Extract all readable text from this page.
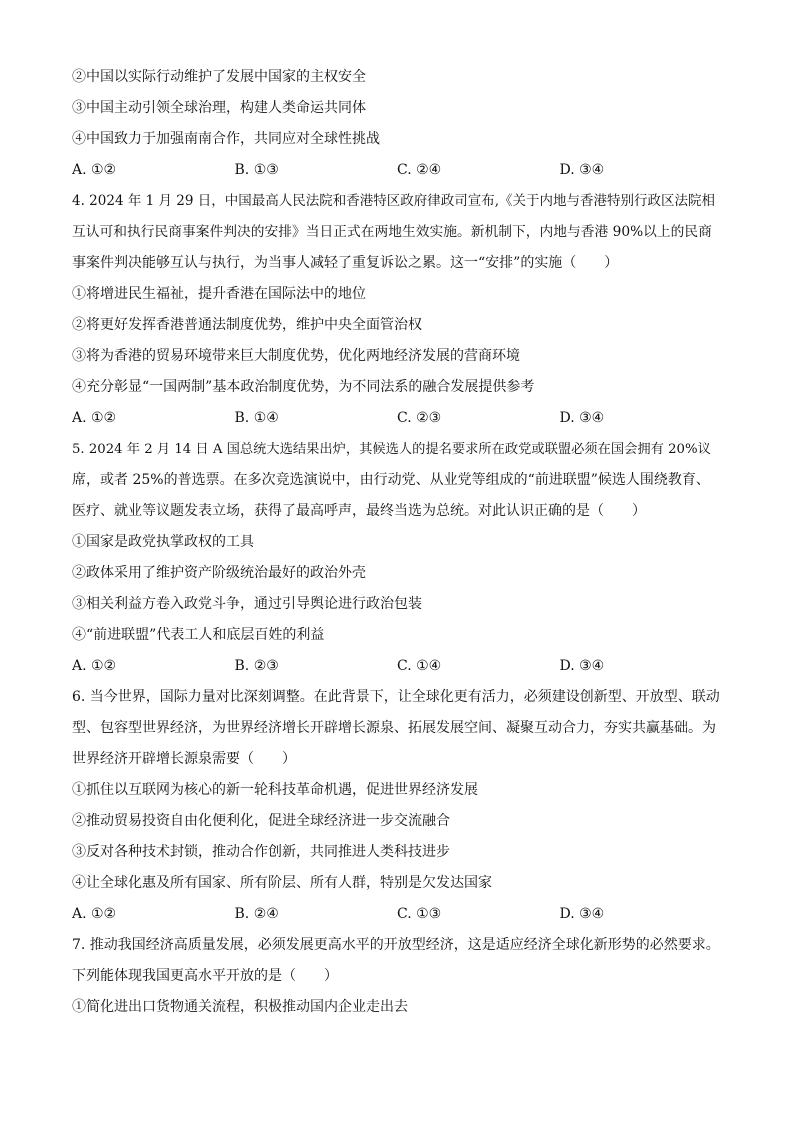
②中国以实际行动维护了发展中国家的主权安全
③中国主动引领全球治理，构建人类命运共同体
④中国致力于加强南南合作，共同应对全球性挑战
A. ①②	B. ①③	C. ②④	D. ③④
4. 2024 年 1 月 29 日，中国最高人民法院和香港特区政府律政司宣布,《关于内地与香港特别行政区法院相
互认可和执行民商事案件判决的安排》当日正式在两地生效实施。新机制下，内地与香港 90%以上的民商
事案件判决能够互认与执行，为当事人减轻了重复诉讼之累。这一“安排”的实施（　　）
①将增进民生福祉，提升香港在国际法中的地位
②将更好发挥香港普通法制度优势，维护中央全面管治权
③将为香港的贸易环境带来巨大制度优势，优化两地经济发展的营商环境
④充分彰显“一国两制”基本政治制度优势，为不同法系的融合发展提供参考
A. ①②	B. ①④	C. ②③	D. ③④
5. 2024 年 2 月 14 日 A 国总统大选结果出炉，其候选人的提名要求所在政党或联盟必须在国会拥有 20%议
席，或者 25%的普选票。在多次竞选演说中，由行动党、从业党等组成的“前进联盟”候选人围绕教育、
医疗、就业等议题发表立场，获得了最高呼声，最终当选为总统。对此认识正确的是（　　）
①国家是政党执掌政权的工具
②政体采用了维护资产阶级统治最好的政治外壳
③相关利益方卷入政党斗争，通过引导舆论进行政治包装
④“前进联盟”代表工人和底层百姓的利益
A. ①②	B. ②③	C. ①④	D. ③④
6. 当今世界，国际力量对比深刻调整。在此背景下，让全球化更有活力，必须建设创新型、开放型、联动
型、包容型世界经济，为世界经济增长开辟增长源泉、拓展发展空间、凝聚互动合力，夯实共赢基础。为
世界经济开辟增长源泉需要（　　）
①抓住以互联网为核心的新一轮科技革命机遇，促进世界经济发展
②推动贸易投资自由化便利化，促进全球经济进一步交流融合
③反对各种技术封锁，推动合作创新，共同推进人类科技进步
④让全球化惠及所有国家、所有阶层、所有人群，特别是欠发达国家
A. ①②	B. ②④	C. ①③	D. ③④
7. 推动我国经济高质量发展，必须发展更高水平的开放型经济，这是适应经济全球化新形势的必然要求。
下列能体现我国更高水平开放的是（　　）
①简化进出口货物通关流程，积极推动国内企业走出去
